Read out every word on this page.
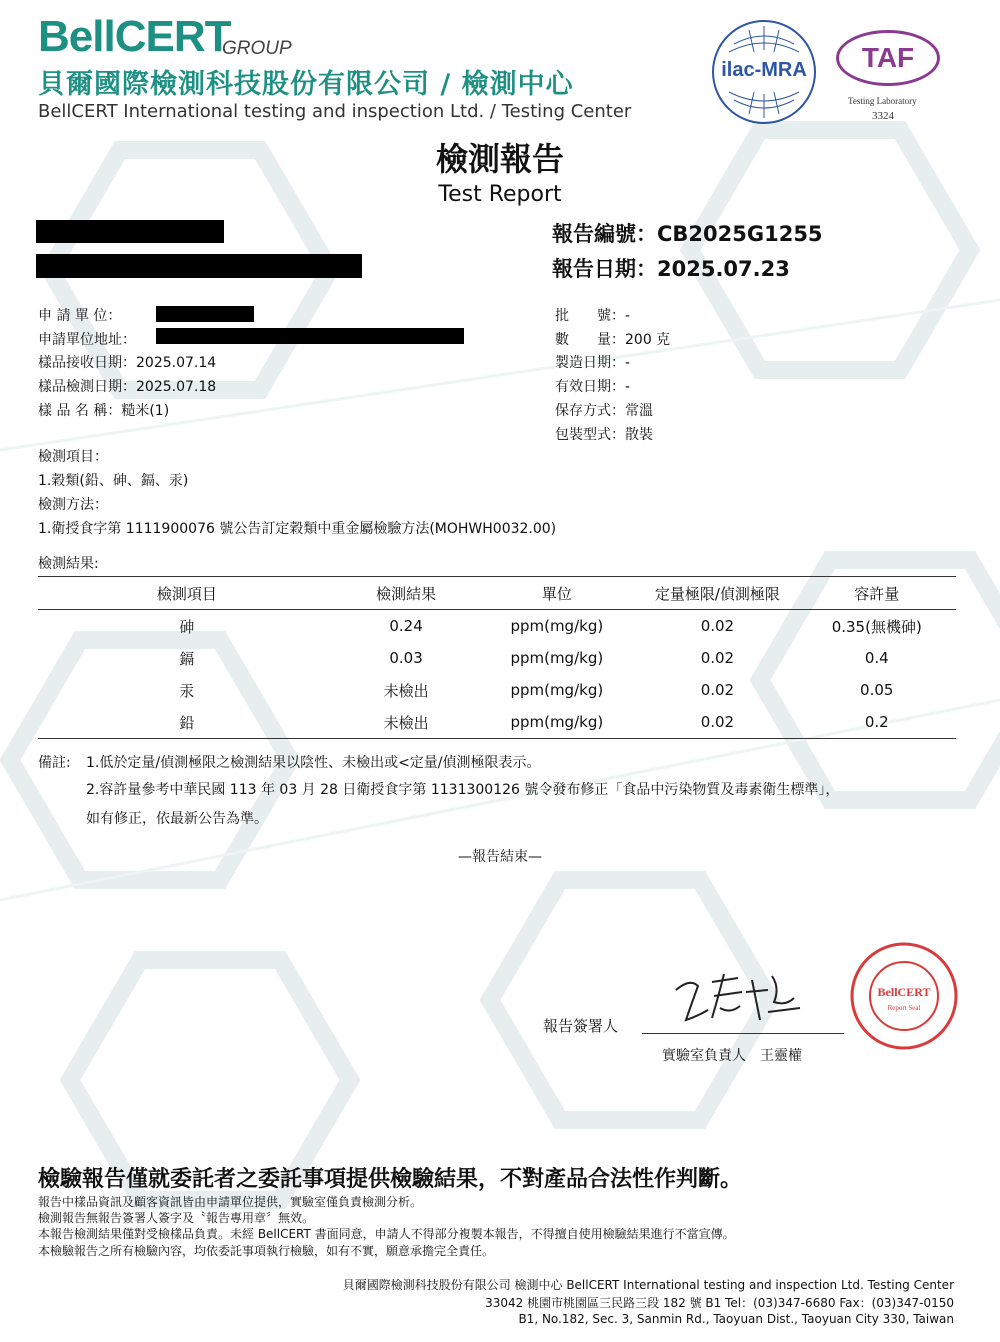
BellCERT
GROUP
貝爾國際檢測科技股份有限公司 / 檢測中心
BellCERT International testing and inspection Ltd. / Testing Center
ilac-MRA	TAF
Testing Laboratory
3324
檢測報告
Test Report
報告編號：CB2025G1255
報告日期：2025.07.23
申 請 單 位：
申請單位地址：
樣品接收日期：2025.07.14
樣品檢測日期：2025.07.18
樣 品 名 稱：糙米(1)
批　　號：-
數　　量：200 克
製造日期：-
有效日期：-
保存方式：常溫
包裝型式：散裝
檢測項目：
1.穀類(鉛、砷、鎘、汞)
檢測方法：
1.衛授食字第 1111900076 號公告訂定穀類中重金屬檢驗方法(MOHWH0032.00)
檢測結果:
檢測項目	檢測結果	單位	定量極限/偵測極限	容許量
砷	0.24	ppm(mg/kg)	0.02	0.35(無機砷)
鎘	0.03	ppm(mg/kg)	0.02	0.4
汞	未檢出	ppm(mg/kg)	0.02	0.05
鉛	未檢出	ppm(mg/kg)	0.02	0.2
備註: 1.低於定量/偵測極限之檢測結果以陰性、未檢出或<定量/偵測極限表示。
2.容許量參考中華民國 113 年 03 月 28 日衛授食字第 1131300126 號令發布修正「食品中污染物質及毒素衛生標準」，
如有修正，依最新公告為準。
—報告結束—
報告簽署人
實驗室負責人　王靈權
BellCERT
Report Seal
檢驗報告僅就委託者之委託事項提供檢驗結果，不對產品合法性作判斷。
報告中樣品資訊及顧客資訊皆由申請單位提供，實驗室僅負責檢測分析。
檢測報告無報告簽署人簽字及〝報告專用章〞無效。
本報告檢測結果僅對受檢樣品負責。未經 BellCERT 書面同意，申請人不得部分複製本報告，不得擅自使用檢驗結果進行不當宣傳。
本檢驗報告之所有檢驗內容，均依委託事項執行檢驗，如有不實，願意承擔完全責任。
貝爾國際檢測科技股份有限公司 檢測中心 BellCERT International testing and inspection Ltd. Testing Center
33042 桃園市桃園區三民路三段 182 號 B1 Tel：(03)347-6680 Fax：(03)347-0150
B1, No.182, Sec. 3, Sanmin Rd., Taoyuan Dist., Taoyuan City 330, Taiwan
